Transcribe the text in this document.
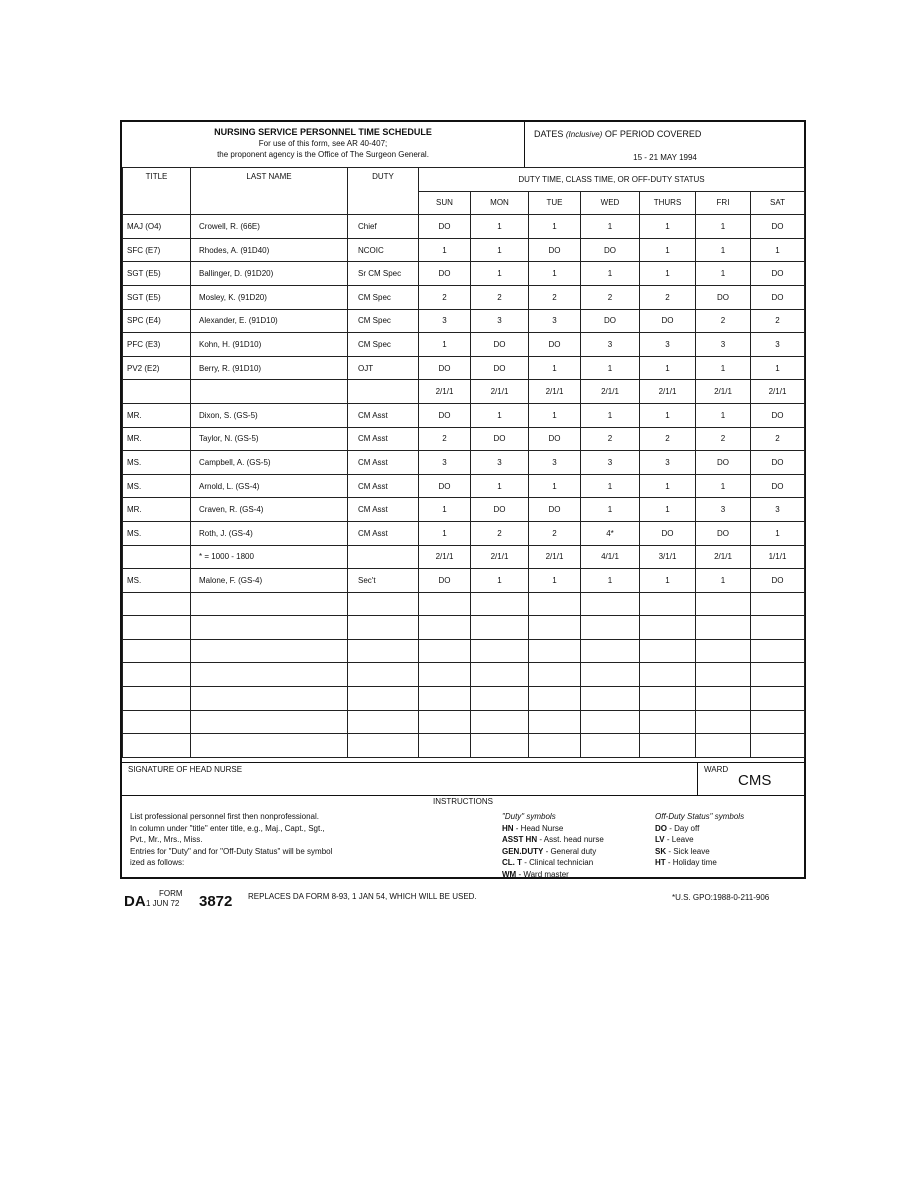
NURSING SERVICE PERSONNEL TIME SCHEDULE
For use of this form, see AR 40-407;
the proponent agency is the Office of The Surgeon General.
DATES (Inclusive) OF PERIOD COVERED
15 - 21 MAY 1994
TITLE	LAST NAME	DUTY	DUTY TIME, CLASS TIME, OR OFF-DUTY STATUS						
			SUN	MON	TUE	WED	THURS	FRI	SAT
MAJ (O4)	Crowell, R. (66E)	Chief	DO	1	1	1	1	1	DO
SFC (E7)	Rhodes, A. (91D40)	NCOIC	1	1	DO	DO	1	1	1
SGT (E5)	Ballinger, D. (91D20)	Sr CM Spec	DO	1	1	1	1	1	DO
SGT (E5)	Mosley, K. (91D20)	CM Spec	2	2	2	2	2	DO	DO
SPC (E4)	Alexander, E. (91D10)	CM Spec	3	3	3	DO	DO	2	2
PFC (E3)	Kohn, H. (91D10)	CM Spec	1	DO	DO	3	3	3	3
PV2 (E2)	Berry, R. (91D10)	OJT	DO	DO	1	1	1	1	1
			2/1/1	2/1/1	2/1/1	2/1/1	2/1/1	2/1/1	2/1/1
MR.	Dixon, S. (GS-5)	CM Asst	DO	1	1	1	1	1	DO
MR.	Taylor, N. (GS-5)	CM Asst	2	DO	DO	2	2	2	2
MS.	Campbell, A. (GS-5)	CM Asst	3	3	3	3	3	DO	DO
MS.	Arnold, L. (GS-4)	CM Asst	DO	1	1	1	1	1	DO
MR.	Craven, R. (GS-4)	CM Asst	1	DO	DO	1	1	3	3
MS.	Roth, J. (GS-4)	CM Asst	1	2	2	4*	DO	DO	1
	* = 1000 - 1800		2/1/1	2/1/1	2/1/1	4/1/1	3/1/1	2/1/1	1/1/1
MS.	Malone, F. (GS-4)	Sec't	DO	1	1	1	1	1	DO

SIGNATURE OF HEAD NURSE	WARD
CMS
INSTRUCTIONS
List professional personnel first then nonprofessional.
In column under "title" enter title, e.g., Maj., Capt., Sgt.,
Pvt., Mr., Mrs., Miss.
Entries for "Duty" and for "Off-Duty Status" will be symbol
ized as follows:
"Duty" symbols
HN - Head Nurse
ASST HN - Asst. head nurse
GEN.DUTY - General duty
CL. T - Clinical technician
WM - Ward master
Off-Duty Status" symbols
DO - Day off
LV - Leave
SK - Sick leave
HT - Holiday time
DA FORM
1 JUN 72 3872 REPLACES DA FORM 8-93, 1 JAN 54, WHICH WILL BE USED.	*U.S. GPO:1988-0-211-906
